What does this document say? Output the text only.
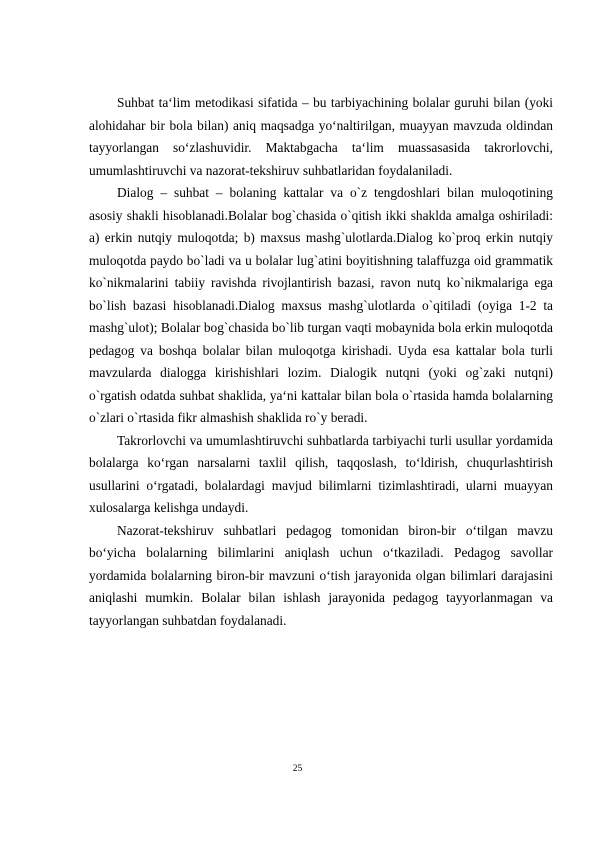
Suhbat ta‘lim metodikasi sifatida – bu tarbiyachining bolalar guruhi bilan (yoki alohidahar bir bola bilan) aniq maqsadga yo‘naltirilgan, muayyan mavzuda oldindan tayyorlangan so‘zlashuvidir. Maktabgacha ta‘lim muassasasida takrorlovchi, umumlashtiruvchi va nazorat-tekshiruv suhbatlaridan foydalaniladi.

Dialog – suhbat – bolaning kattalar va o`z tengdoshlari bilan muloqotining asosiy shakli hisoblanadi.Bolalar bog`chasida o`qitish ikki shaklda amalga oshiriladi: a) erkin nutqiy muloqotda; b) maxsus mashg`ulotlarda.Dialog ko`proq erkin nutqiy muloqotda paydo bo`ladi va u bolalar lug`atini boyitishning talaffuzga oid grammatik ko`nikmalarini tabiiy ravishda rivojlantirish bazasi, ravon nutq ko`nikmalariga ega bo`lish bazasi hisoblanadi.Dialog maxsus mashg`ulotlarda o`qitiladi (oyiga 1-2 ta mashg`ulot); Bolalar bog`chasida bo`lib turgan vaqti mobaynida bola erkin muloqotda pedagog va boshqa bolalar bilan muloqotga kirishadi. Uyda esa kattalar bola turli mavzularda dialogga kirishishlari lozim. Dialogik nutqni (yoki og`zaki nutqni) o`rgatish odatda suhbat shaklida, ya‘ni kattalar bilan bola o`rtasida hamda bolalarning o`zlari o`rtasida fikr almashish shaklida ro`y beradi.

Takrorlovchi va umumlashtiruvchi suhbatlarda tarbiyachi turli usullar yordamida bolalarga ko‘rgan narsalarni taxlil qilish, taqqoslash, to‘ldirish, chuqurlashtirish usullarini o‘rgatadi, bolalardagi mavjud bilimlarni tizimlashtiradi, ularni muayyan xulosalarga kelishga undaydi.

Nazorat-tekshiruv suhbatlari pedagog tomonidan biron-bir o‘tilgan mavzu bo‘yicha bolalarning bilimlarini aniqlash uchun o‘tkaziladi. Pedagog savollar yordamida bolalarning biron-bir mavzuni o‘tish jarayonida olgan bilimlari darajasini aniqlashi mumkin. Bolalar bilan ishlash jarayonida pedagog tayyorlanmagan va tayyorlangan suhbatdan foydalanadi.

25
